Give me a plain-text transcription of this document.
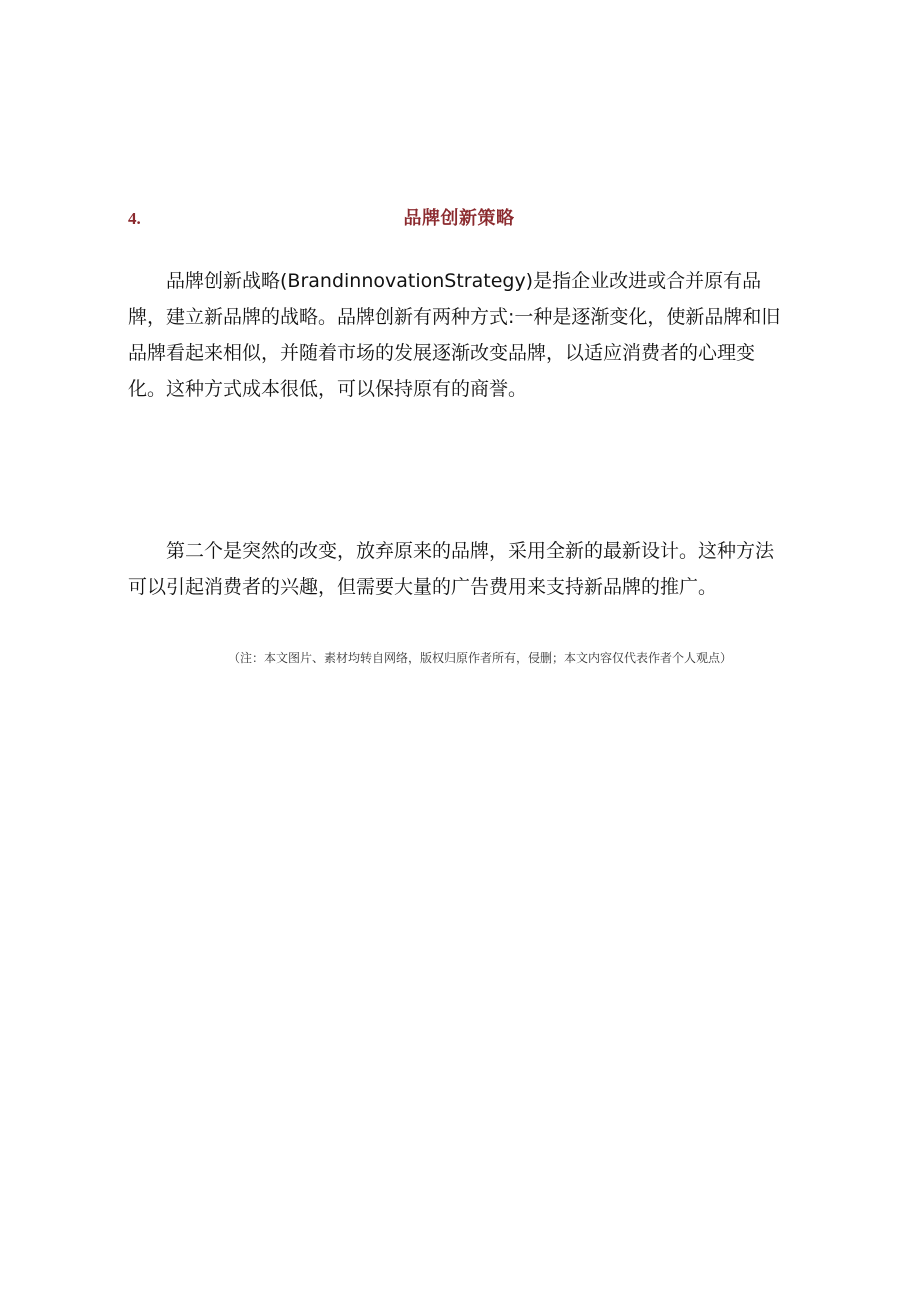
4.	品牌创新策略

品牌创新战略(BrandinnovationStrategy)是指企业改进或合并原有品牌，建立新品牌的战略。品牌创新有两种方式:一种是逐渐变化，使新品牌和旧品牌看起来相似，并随着市场的发展逐渐改变品牌，以适应消费者的心理变化。这种方式成本很低，可以保持原有的商誉。

第二个是突然的改变，放弃原来的品牌，采用全新的最新设计。这种方法可以引起消费者的兴趣，但需要大量的广告费用来支持新品牌的推广。

（注：本文图片、素材均转自网络，版权归原作者所有，侵删；本文内容仅代表作者个人观点）
